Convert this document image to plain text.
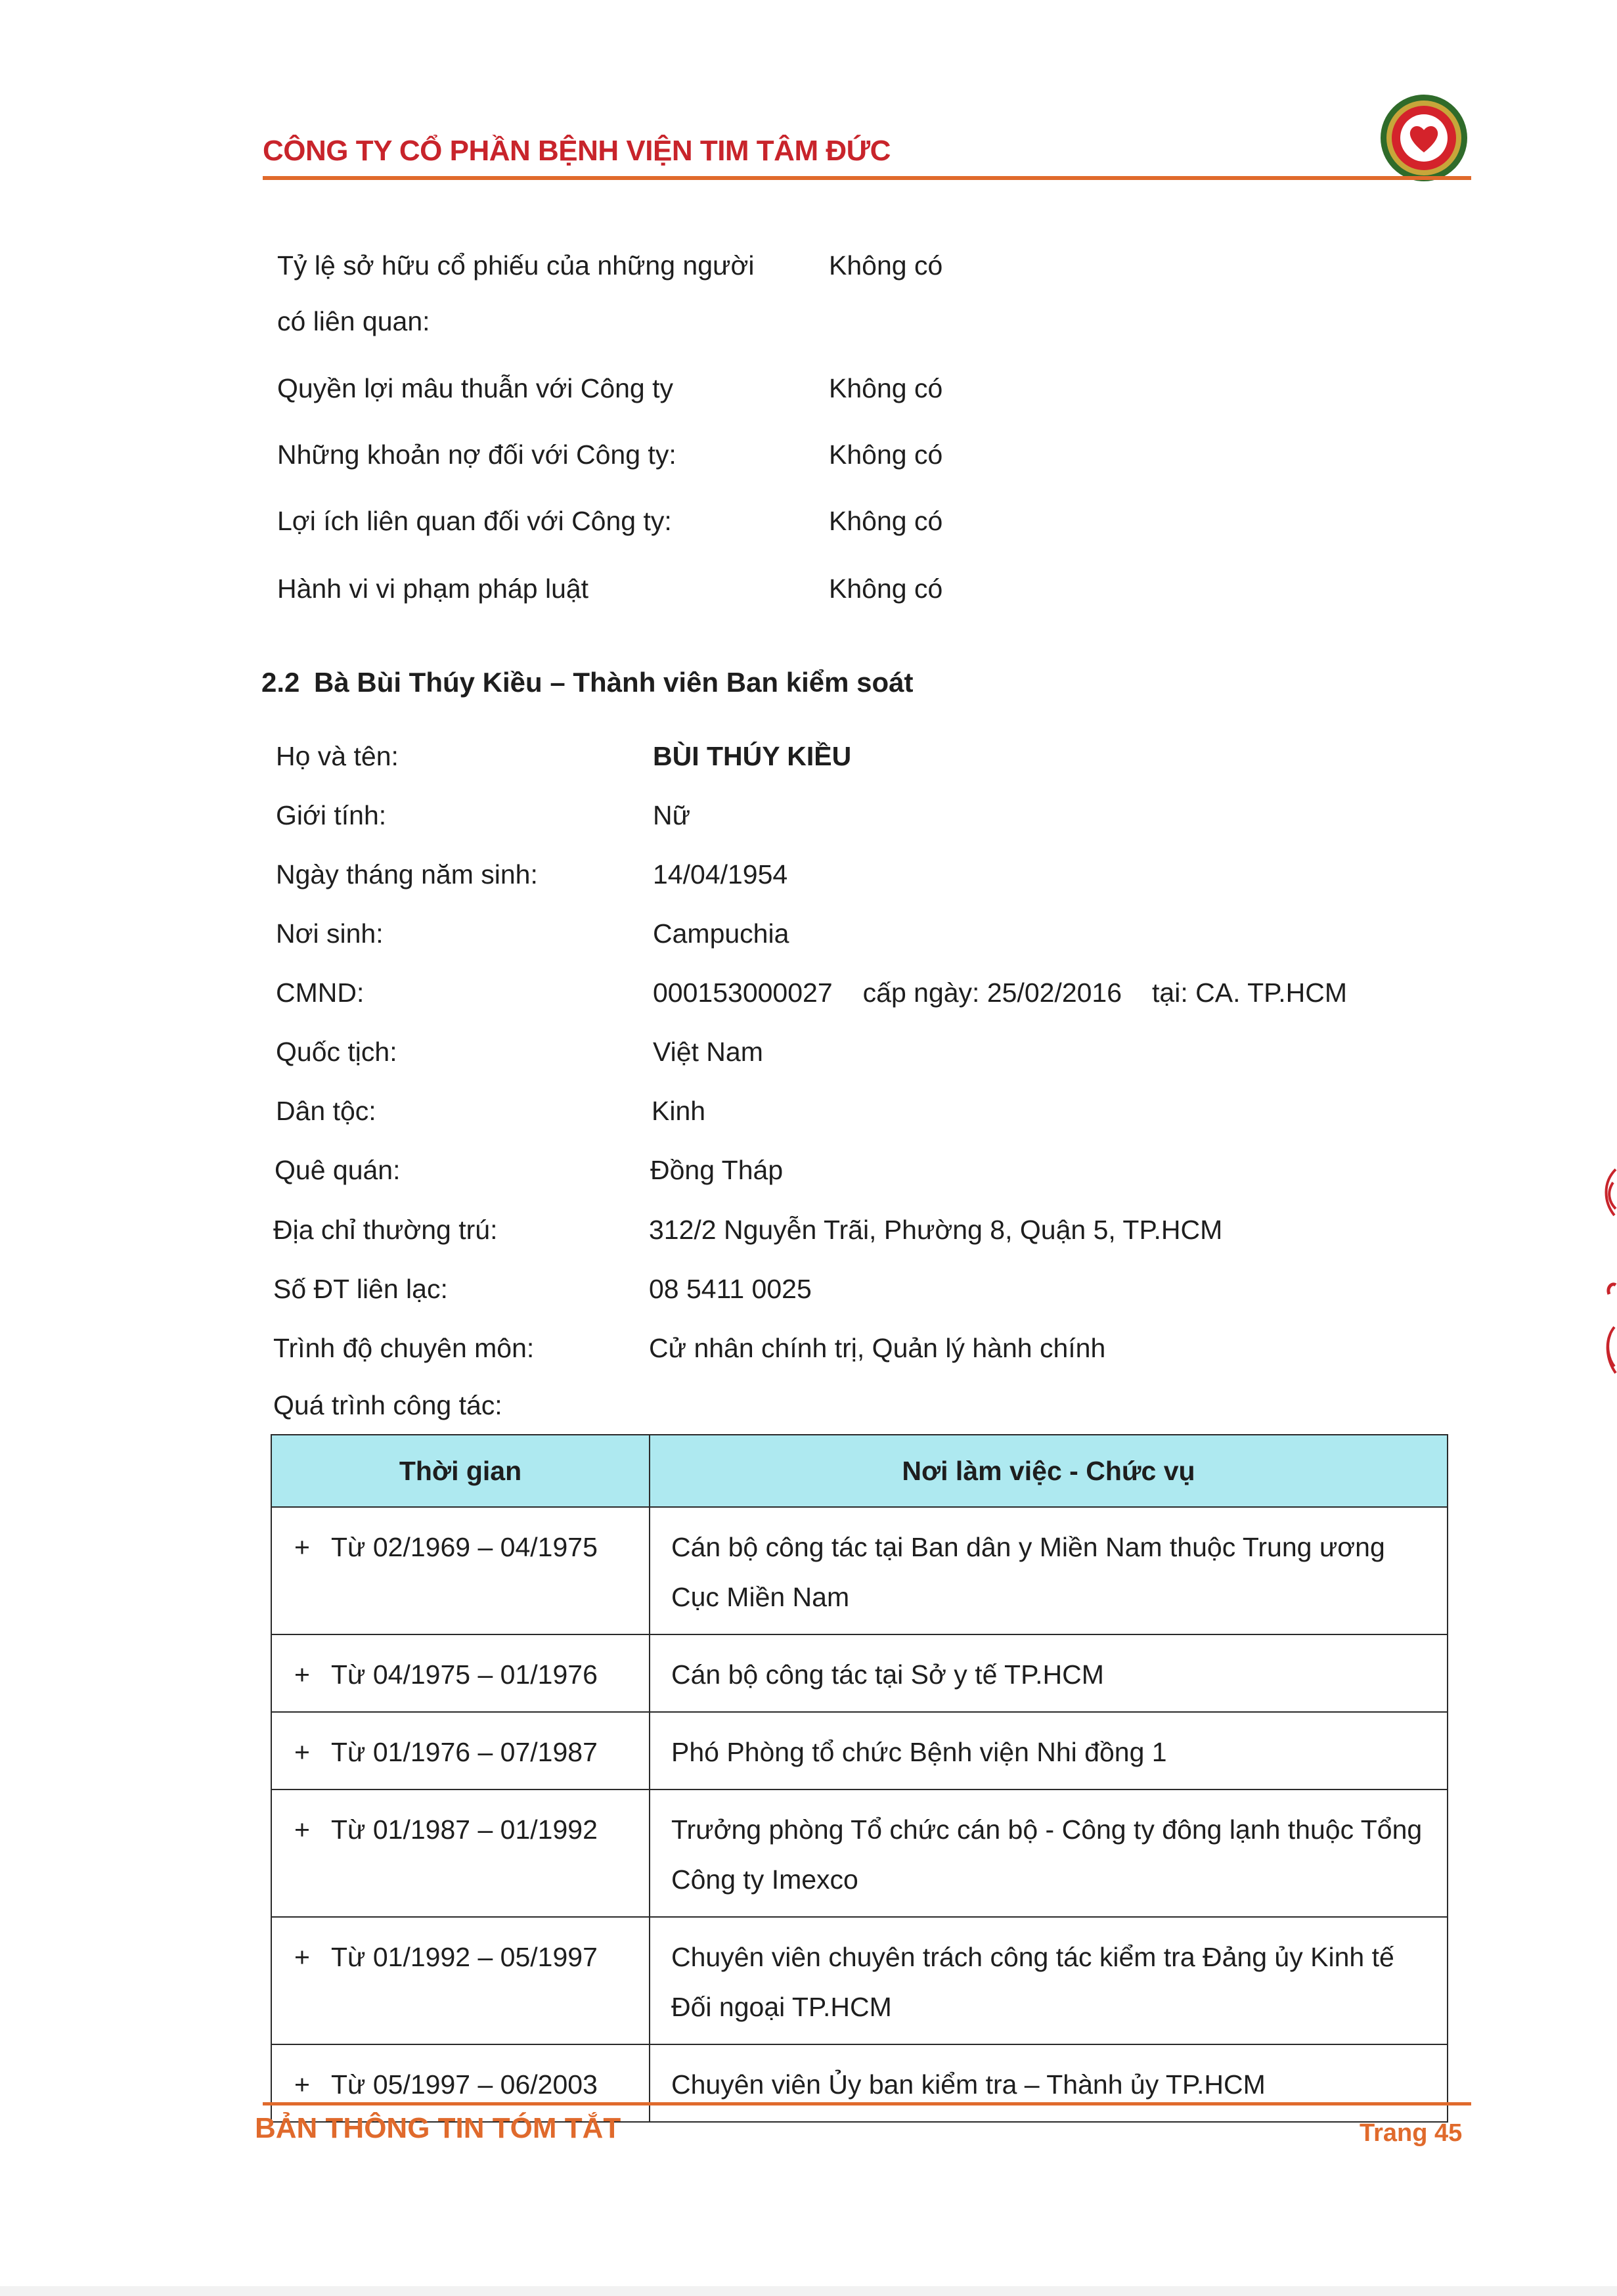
CÔNG TY CỔ PHẦN BỆNH VIỆN TIM TÂM ĐỨC
Tỷ lệ sở hữu cổ phiếu của những người	Không có
có liên quan:
Quyền lợi mâu thuẫn với Công ty	Không có
Những khoản nợ đối với Công ty:	Không có
Lợi ích liên quan đối với Công ty:	Không có
Hành vi vi phạm pháp luật	Không có
2.2 Bà Bùi Thúy Kiều – Thành viên Ban kiểm soát
Họ và tên:	BÙI THÚY KIỀU
Giới tính:	Nữ
Ngày tháng năm sinh:	14/04/1954
Nơi sinh:	Campuchia
CMND:	000153000027 cấp ngày: 25/02/2016 tại: CA. TP.HCM
Quốc tịch:	Việt Nam
Dân tộc:	Kinh
Quê quán:	Đồng Tháp
Địa chỉ thường trú:	312/2 Nguyễn Trãi, Phường 8, Quận 5, TP.HCM
Số ĐT liên lạc:	08 5411 0025
Trình độ chuyên môn:	Cử nhân chính trị, Quản lý hành chính
Quá trình công tác:
Thời gian	Nơi làm việc - Chức vụ
+ Từ 02/1969 – 04/1975	Cán bộ công tác tại Ban dân y Miền Nam thuộc Trung ương Cục Miền Nam
+ Từ 04/1975 – 01/1976	Cán bộ công tác tại Sở y tế TP.HCM
+ Từ 01/1976 – 07/1987	Phó Phòng tổ chức Bệnh viện Nhi đồng 1
+ Từ 01/1987 – 01/1992	Trưởng phòng Tổ chức cán bộ - Công ty đông lạnh thuộc Tổng Công ty Imexco
+ Từ 01/1992 – 05/1997	Chuyên viên chuyên trách công tác kiểm tra Đảng ủy Kinh tế Đối ngoại TP.HCM
+ Từ 05/1997 – 06/2003	Chuyên viên Ủy ban kiểm tra – Thành ủy TP.HCM
BẢN THÔNG TIN TÓM TẮT	Trang 45
